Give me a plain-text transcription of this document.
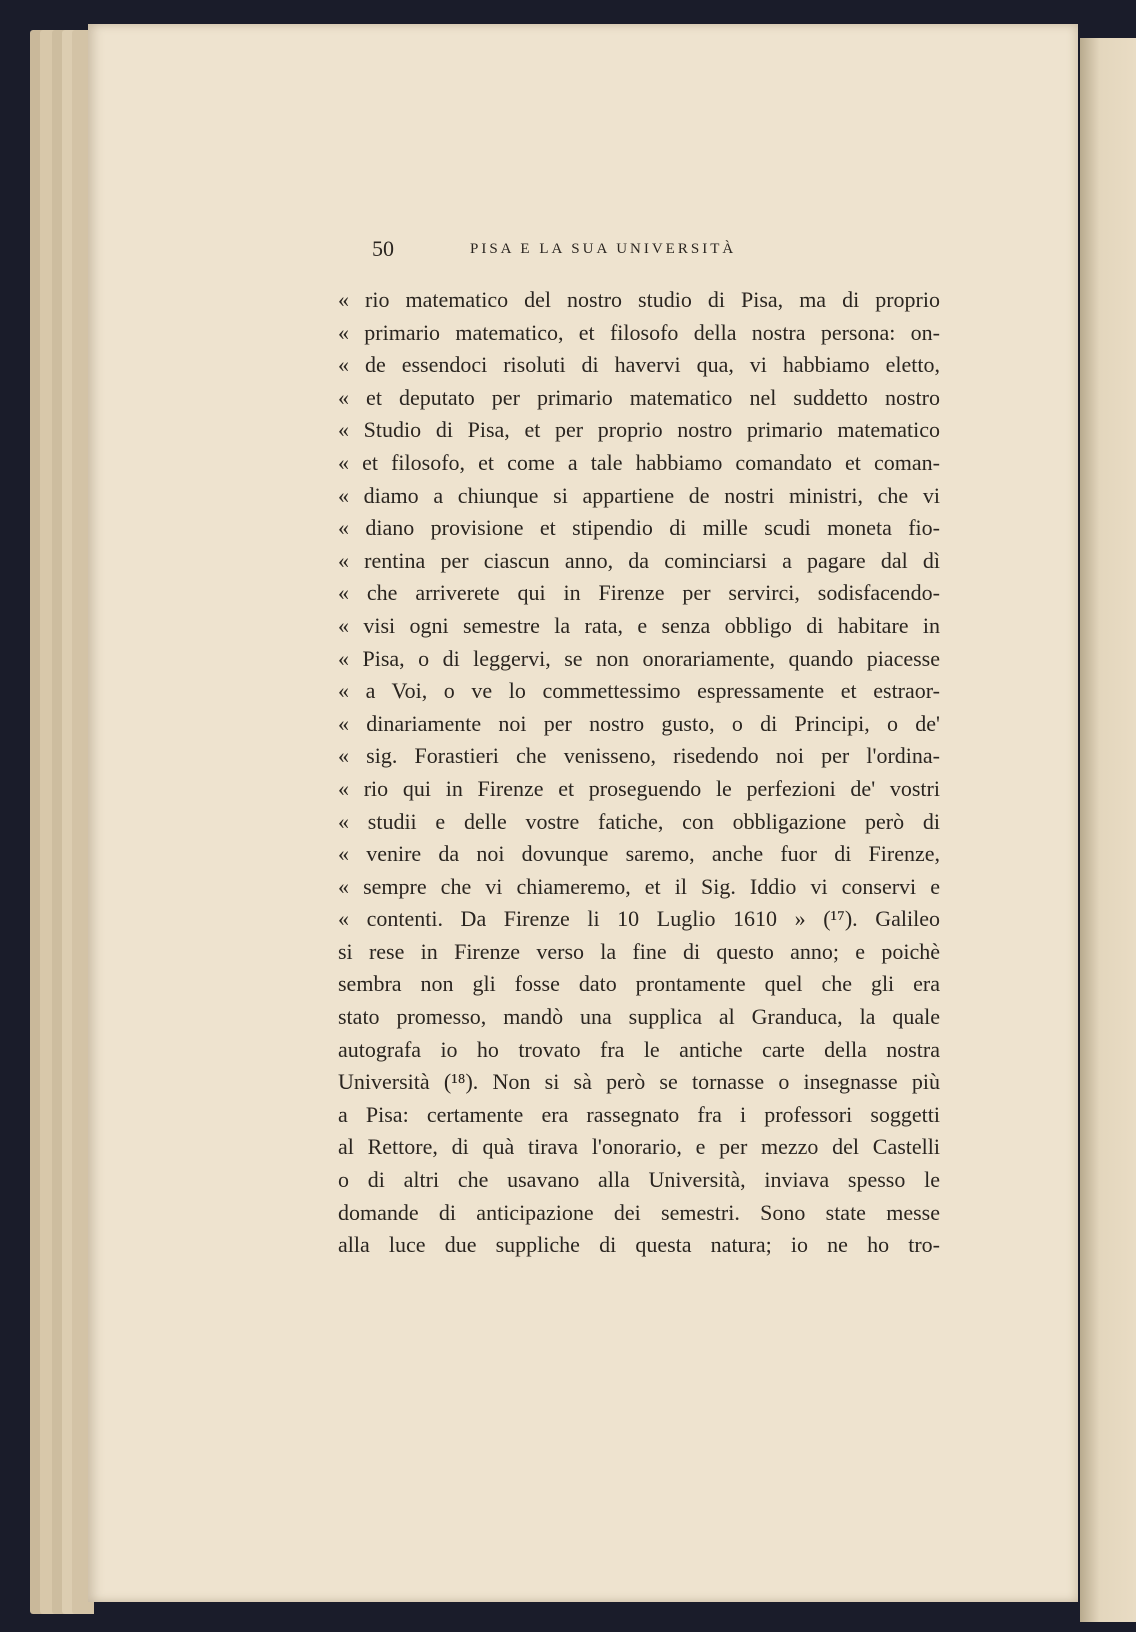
50	PISA E LA SUA UNIVERSITÀ
« rio matematico del nostro studio di Pisa, ma di proprio
« primario matematico, et filosofo della nostra persona: on-
« de essendoci risoluti di havervi qua, vi habbiamo eletto,
« et deputato per primario matematico nel suddetto nostro
« Studio di Pisa, et per proprio nostro primario matematico
« et filosofo, et come a tale habbiamo comandato et coman-
« diamo a chiunque si appartiene de nostri ministri, che vi
« diano provisione et stipendio di mille scudi moneta fio-
« rentina per ciascun anno, da cominciarsi a pagare dal dì
« che arriverete qui in Firenze per servirci, sodisfacendo-
« visi ogni semestre la rata, e senza obbligo di habitare in
« Pisa, o di leggervi, se non onorariamente, quando piacesse
« a Voi, o ve lo commettessimo espressamente et estraor-
« dinariamente noi per nostro gusto, o di Principi, o de'
« sig. Forastieri che venisseno, risedendo noi per l'ordina-
« rio qui in Firenze et proseguendo le perfezioni de' vostri
« studii e delle vostre fatiche, con obbligazione però di
« venire da noi dovunque saremo, anche fuor di Firenze,
« sempre che vi chiameremo, et il Sig. Iddio vi conservi e
« contenti. Da Firenze li 10 Luglio 1610 » (¹⁷). Galileo
si rese in Firenze verso la fine di questo anno; e poichè
sembra non gli fosse dato prontamente quel che gli era
stato promesso, mandò una supplica al Granduca, la quale
autografa io ho trovato fra le antiche carte della nostra
Università (¹⁸). Non si sà però se tornasse o insegnasse più
a Pisa: certamente era rassegnato fra i professori soggetti
al Rettore, di quà tirava l'onorario, e per mezzo del Castelli
o di altri che usavano alla Università, inviava spesso le
domande di anticipazione dei semestri. Sono state messe
alla luce due suppliche di questa natura; io ne ho tro-
